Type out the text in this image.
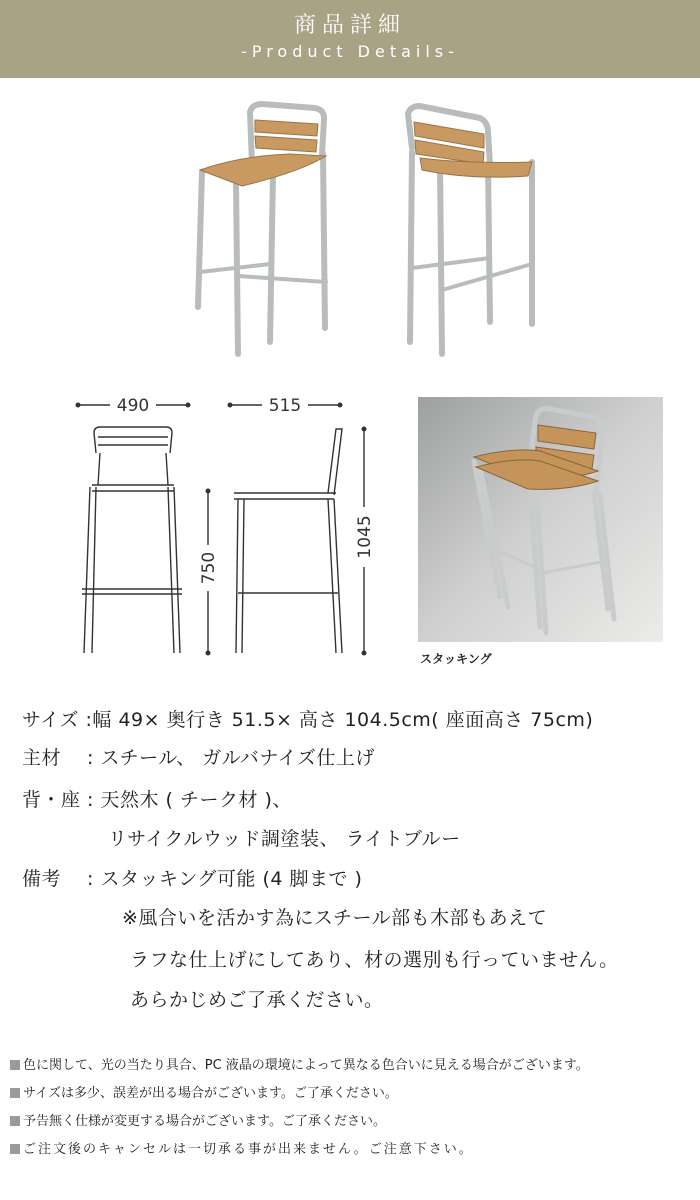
商品詳細
-Product Details-
490	515
750
1045
スタッキング
サイズ :幅 49× 奥行き 51.5× 高さ 104.5cm( 座面高さ 75cm)
主材 　: スチール、 ガルバナイズ仕上げ
背・座 : 天然木 ( チーク材 )、
リサイクルウッド調塗装、 ライトブルー
備考 　: スタッキング可能 (4 脚まで )
※風合いを活かす為にスチール部も木部もあえて
ラフな仕上げにしてあり、材の選別も行っていません。
あらかじめご了承ください。
色に関して、光の当たり具合、PC 液晶の環境によって異なる色合いに見える場合がございます。
サイズは多少、誤差が出る場合がございます。ご了承ください。
予告無く仕様が変更する場合がございます。ご了承ください。
ご注文後のキャンセルは一切承る事が出来ません。ご注意下さい。
